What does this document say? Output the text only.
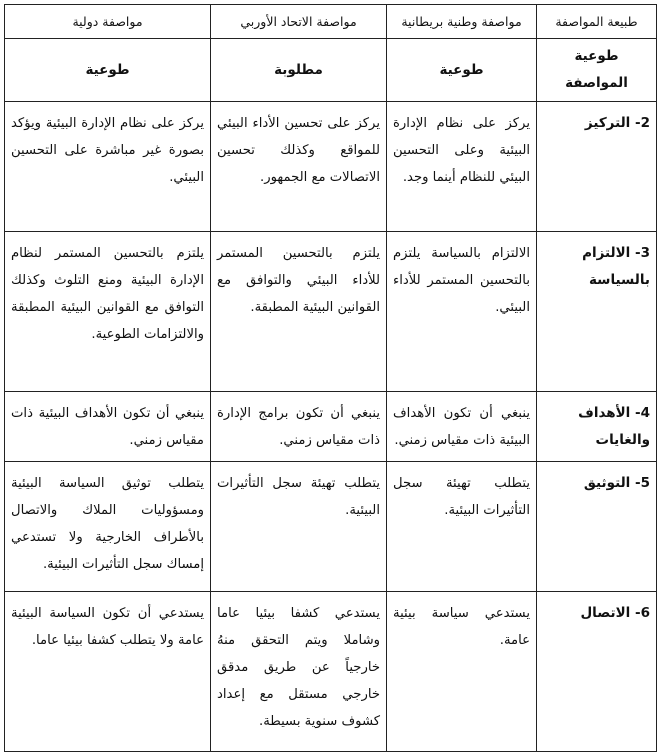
طبيعة المواصفة	مواصفة وطنية بريطانية	مواصفة الاتحاد الأوربي	مواصفة دولية
طوعية المواصفة	طوعية	مطلوبة	طوعية
2- التركيز	يركز على نظام الإدارة البيئية وعلى التحسين البيئي للنظام أينما وجد.	يركز على تحسين الأداء البيئي للمواقع وكذلك تحسين الاتصالات مع الجمهور.	يركز على نظام الإدارة البيئية ويؤكد بصورة غير مباشرة على التحسين البيئي.
3- الالتزام بالسياسة	الالتزام بالسياسة يلتزم بالتحسين المستمر للأداء البيئي.	يلتزم بالتحسين المستمر للأداء البيئي والتوافق مع القوانين البيئية المطبقة.	يلتزم بالتحسين المستمر لنظام الإدارة البيئية ومنع التلوث وكذلك التوافق مع القوانين البيئية المطبقة والالتزامات الطوعية.
4- الأهداف والغايات	ينبغي أن تكون الأهداف البيئية ذات مقياس زمني.	ينبغي أن تكون برامج الإدارة ذات مقياس زمني.	ينبغي أن تكون الأهداف البيئية ذات مقياس زمني.
5- التوثيق	يتطلب تهيئة سجل التأثيرات البيئية.	يتطلب تهيئة سجل التأثيرات البيئية.	يتطلب توثيق السياسة البيئية ومسؤوليات الملاك والاتصال بالأطراف الخارجية ولا تستدعي إمساك سجل التأثيرات البيئية.
6- الاتصال	يستدعي سياسة بيئية عامة.	يستدعي كشفا بيئيا عاما وشاملا ويتم التحقق منهُ خارجياً عن طريق مدقق خارجي مستقل مع إعداد كشوف سنوية بسيطة.	يستدعي أن تكون السياسة البيئية عامة ولا يتطلب كشفا بيئيا عاما.
